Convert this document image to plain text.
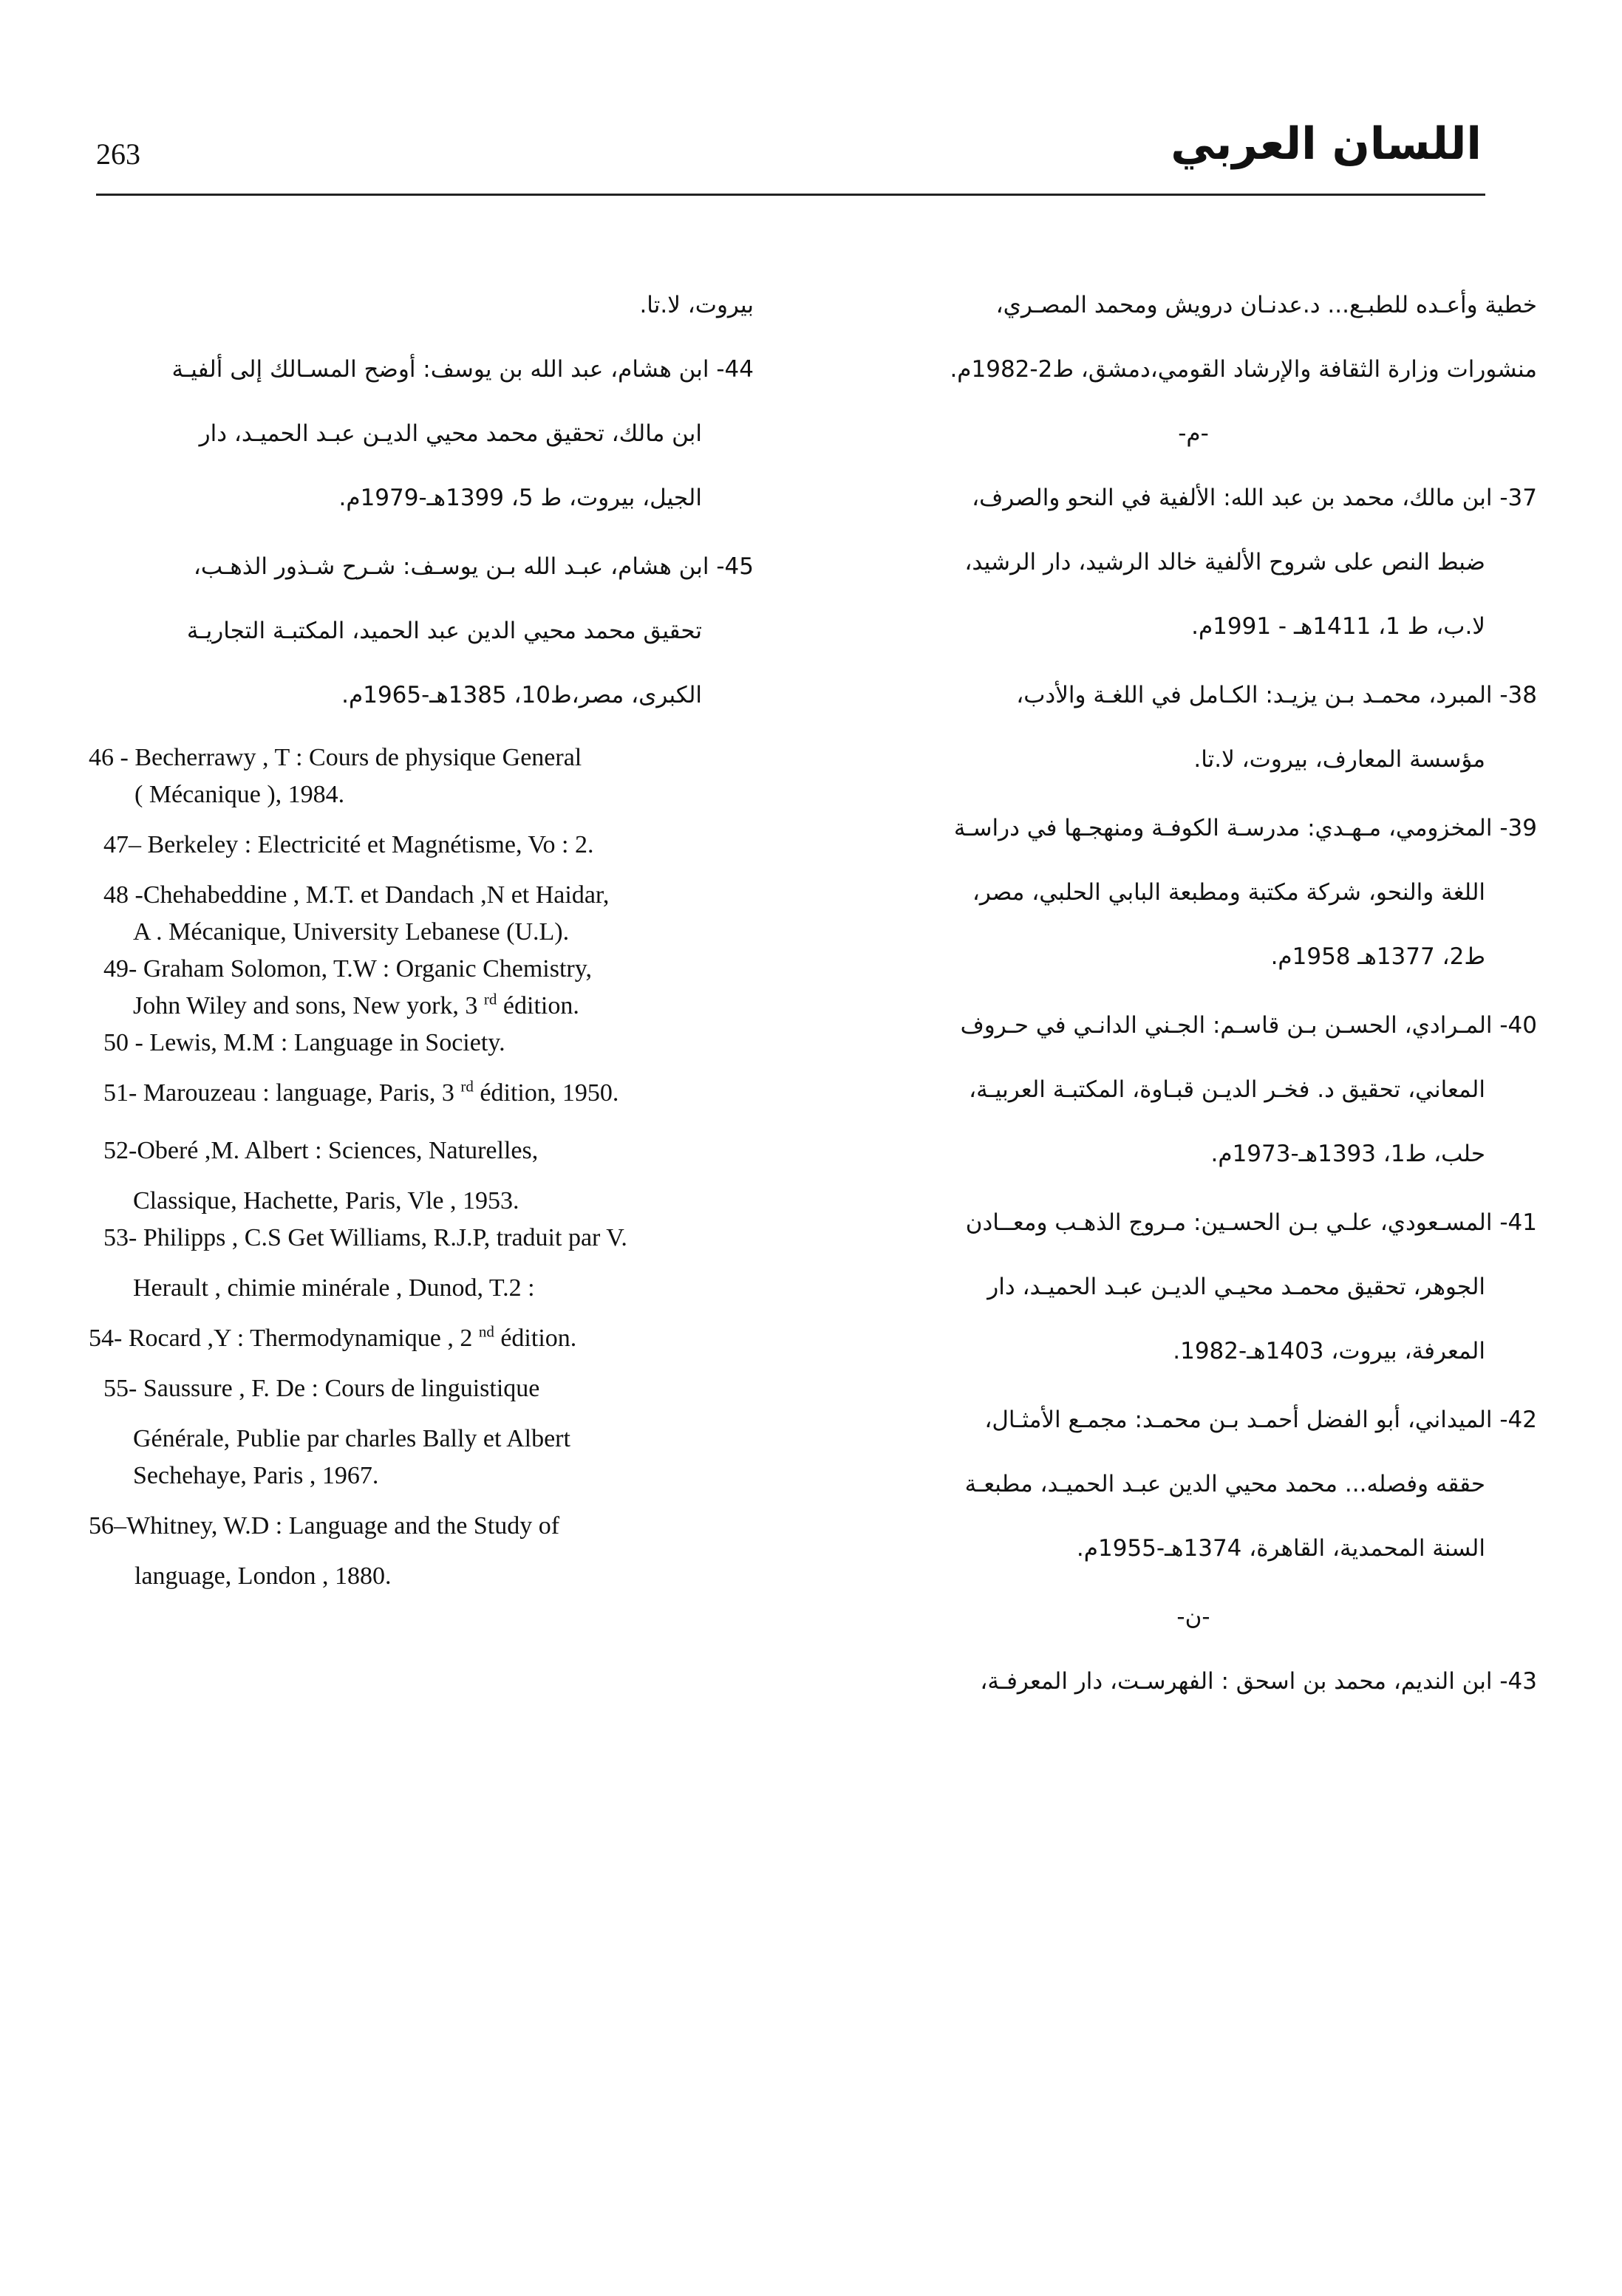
263	اللسان العربي

خطية وأعـده للطبـع... د.عدنـان درويش ومحمد المصـري،

منشورات وزارة الثقافة والإرشاد القومي،دمشق، ط2-1982م.

-م-

37- ابن مالك، محمد بن عبد الله: الألفية في النحو والصرف،

ضبط النص على شروح الألفية خالد الرشيد، دار الرشيد،

لا.ب، ط 1، 1411هـ - 1991م.

38- المبرد، محمـد بـن يزيـد: الكـامل في اللغـة والأدب،

مؤسسة المعارف، بيروت، لا.تا.

39- المخزومي، مـهـدي: مدرسـة الكوفـة ومنهجـها في دراسـة

اللغة والنحو، شركة مكتبة ومطبعة البابي الحلبي، مصر،

ط2، 1377هـ 1958م.

40- المـرادي، الحسـن بـن قاسـم: الجـني الدانـي في حـروف

المعاني، تحقيق د. فخـر الديـن قبـاوة، المكتبـة العربيـة،

حلب، ط1، 1393هـ-1973م.

41- المسـعودي، علـي بـن الحسـين: مـروج الذهـب ومعــادن

الجوهر، تحقيق محمـد محيـي الديـن عبـد الحميـد، دار

المعرفة، بيروت، 1403هـ-1982.

42- الميداني، أبو الفضل أحمـد بـن محمـد: مجمـع الأمثـال،

حققه وفصله... محمد محيي الدين عبـد الحميـد، مطبعـة

السنة المحمدية، القاهرة، 1374هـ-1955م.

-ن-

43- ابن النديم، محمد بن اسحق : الفهرسـت، دار المعرفـة،

بيروت، لا.تا.

44- ابن هشام، عبد الله بن يوسف: أوضح المسـالك إلى ألفيـة

ابن مالك، تحقيق محمد محيي الديـن عبـد الحميـد، دار

الجيل، بيروت، ط 5، 1399هـ-1979م.

45- ابن هشام، عبـد الله بـن يوسـف: شـرح شـذور الذهـب،

تحقيق محمد محيي الدين عبد الحميد، المكتبـة التجاريـة

الكبرى، مصر،ط10، 1385هـ-1965م.

46 - Becherrawy , T : Cours de physique General
( Mécanique ), 1984.
47– Berkeley : Electricité et Magnétisme, Vo : 2.
48 -Chehabeddine , M.T. et Dandach ,N et Haidar,
A . Mécanique, University Lebanese (U.L).
49- Graham Solomon, T.W : Organic Chemistry,
John Wiley and sons, New york, 3 $^{rd}$ édition.
50 - Lewis, M.M : Language in Society.
51- Marouzeau : language, Paris, 3 $^{rd}$ édition, 1950.
52-Oberé ,M. Albert : Sciences, Naturelles,
Classique, Hachette, Paris, Vle , 1953.
53- Philipps , C.S Get Williams, R.J.P, traduit par V.
Herault , chimie minérale , Dunod, T.2 :
54- Rocard ,Y : Thermodynamique , 2 $^{nd}$ édition.
55- Saussure , F. De : Cours de linguistique
Générale, Publie par charles Bally et Albert
Sechehaye, Paris , 1967.
56–Whitney, W.D : Language and the Study of
language, London , 1880.
